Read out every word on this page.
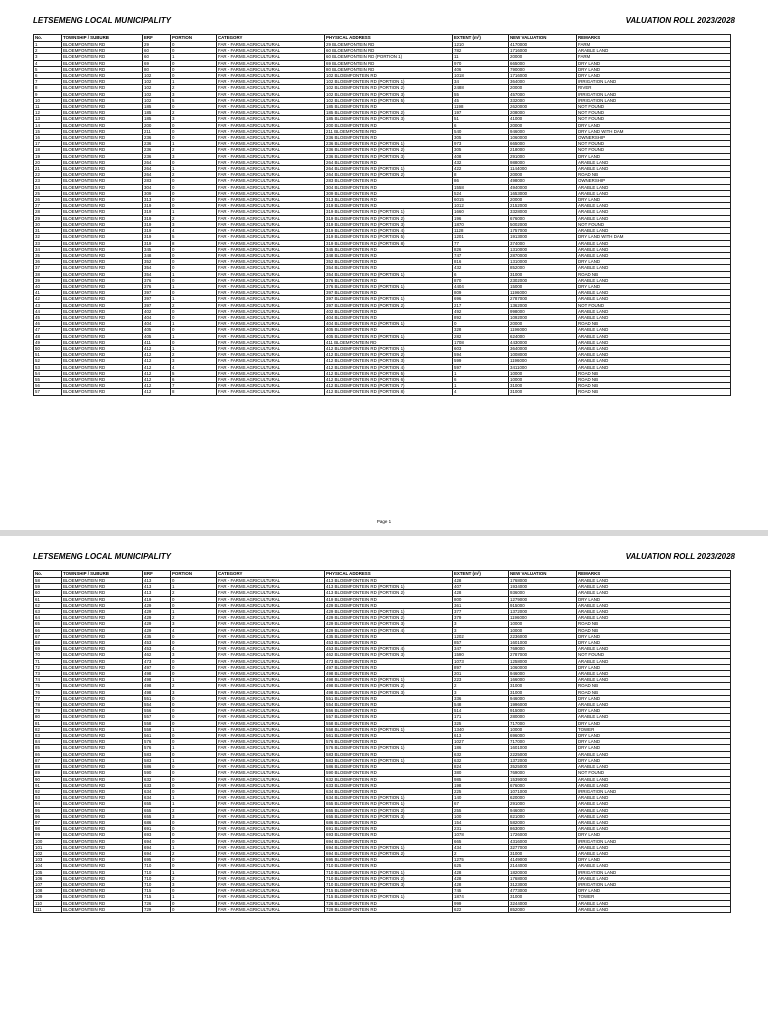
LETSEMENG LOCAL MUNICIPALITY	VALUATION ROLL 2023/2028
No.	TOWNSHIP / SUBURB	ERF	PORTION	CATEGORY	PHYSICAL ADDRESS	EXTENT (m²)	NEW VALUATION	REMARKS
1	BLOEMFONTEIN RD	29	0	FAR - FARMS AGRICULTURAL	29 BLOEMFONTEIN RD	1210	4170000	FARM
2	BLOEMFONTEIN RD	60	0	FAR - FARMS AGRICULTURAL	60 BLOEMFONTEIN RD	782	1716000	ARABLE LAND
3	BLOEMFONTEIN RD	60	1	FAR - FARMS AGRICULTURAL	60 BLOEMFONTEIN RD (PORTION 1)	11	20000	FARM
4	BLOEMFONTEIN RD	69	0	FAR - FARMS AGRICULTURAL	69 BLOEMFONTEIN RD	970	665000	DRY LAND
5	BLOEMFONTEIN RD	80	0	FAR - FARMS AGRICULTURAL	80 BLOEMFONTEIN RD	406	790000	DRY LAND
6	BLOEMFONTEIN RD	102	0	FAR - FARMS AGRICULTURAL	102 BLOEMFONTEIN RD	1018	1716000	DRY LAND
7	BLOEMFONTEIN RD	102	1	FAR - FARMS AGRICULTURAL	102 BLOEMFONTEIN RD (PORTION 1)	34	364000	IRRIGATION LAND
8	BLOEMFONTEIN RD	102	2	FAR - FARMS AGRICULTURAL	102 BLOEMFONTEIN RD (PORTION 2)	2488	20000	RIVER
9	BLOEMFONTEIN RD	102	3	FAR - FARMS AGRICULTURAL	102 BLOEMFONTEIN RD (PORTION 3)	55	457000	IRRIGATION LAND
10	BLOEMFONTEIN RD	102	5	FAR - FARMS AGRICULTURAL	102 BLOEMFONTEIN RD (PORTION 5)	45	332000	IRRIGATION LAND
11	BLOEMFONTEIN RD	185	0	FAR - FARMS AGRICULTURAL	185 BLOEMFONTEIN RD	1198	2620000	NOT FOUND
12	BLOEMFONTEIN RD	185	2	FAR - FARMS AGRICULTURAL	185 BLOEMFONTEIN RD (PORTION 2)	197	208000	NOT FOUND
13	BLOEMFONTEIN RD	185	3	FAR - FARMS AGRICULTURAL	185 BLOEMFONTEIN RD (PORTION 3)	51	41000	NOT FOUND
14	BLOEMFONTEIN RD	200	0	FAR - FARMS AGRICULTURAL	200 BLOEMFONTEIN RD	6	20000	DRY LAND
15	BLOEMFONTEIN RD	211	0	FAR - FARMS AGRICULTURAL	211 BLOEMFONTEIN RD	540	946000	DRY LAND WITH DAM
16	BLOEMFONTEIN RD	236	0	FAR - FARMS AGRICULTURAL	236 BLOEMFONTEIN RD	305	1060000	OWNERSHIP
17	BLOEMFONTEIN RD	236	1	FAR - FARMS AGRICULTURAL	236 BLOEMFONTEIN RD (PORTION 1)	973	665000	NOT FOUND
18	BLOEMFONTEIN RD	236	2	FAR - FARMS AGRICULTURAL	236 BLOEMFONTEIN RD (PORTION 2)	305	218000	NOT FOUND
19	BLOEMFONTEIN RD	236	3	FAR - FARMS AGRICULTURAL	236 BLOEMFONTEIN RD (PORTION 3)	408	291000	DRY LAND
20	BLOEMFONTEIN RD	264	0	FAR - FARMS AGRICULTURAL	264 BLOEMFONTEIN RD	432	988000	ARABLE LAND
21	BLOEMFONTEIN RD	264	1	FAR - FARMS AGRICULTURAL	264 BLOEMFONTEIN RD (PORTION 1)	422	1144000	ARABLE LAND
22	BLOEMFONTEIN RD	264	2	FAR - FARMS AGRICULTURAL	264 BLOEMFONTEIN RD (PORTION 2)	8	20000	ROAD NB
23	BLOEMFONTEIN RD	283	0	FAR - FARMS AGRICULTURAL	283 BLOEMFONTEIN RD	86	498000	OWNERSHIP
24	BLOEMFONTEIN RD	304	0	FAR - FARMS AGRICULTURAL	304 BLOEMFONTEIN RD	1558	4940000	ARABLE LAND
25	BLOEMFONTEIN RD	309	0	FAR - FARMS AGRICULTURAL	309 BLOEMFONTEIN RD	524	1653000	ARABLE LAND
26	BLOEMFONTEIN RD	313	0	FAR - FARMS AGRICULTURAL	313 BLOEMFONTEIN RD	6015	20000	DRY LAND
27	BLOEMFONTEIN RD	319	0	FAR - FARMS AGRICULTURAL	319 BLOEMFONTEIN RD	1012	2152000	ARABLE LAND
28	BLOEMFONTEIN RD	319	1	FAR - FARMS AGRICULTURAL	319 BLOEMFONTEIN RD (PORTION 1)	1660	3328000	ARABLE LAND
29	BLOEMFONTEIN RD	319	2	FAR - FARMS AGRICULTURAL	319 BLOEMFONTEIN RD (PORTION 2)	196	676000	ARABLE LAND
30	BLOEMFONTEIN RD	319	3	FAR - FARMS AGRICULTURAL	319 BLOEMFONTEIN RD (PORTION 3)	1870	5002000	NOT FOUND
31	BLOEMFONTEIN RD	319	4	FAR - FARMS AGRICULTURAL	319 BLOEMFONTEIN RD (PORTION 4)	1128	1757000	ARABLE LAND
32	BLOEMFONTEIN RD	319	5	FAR - FARMS AGRICULTURAL	319 BLOEMFONTEIN RD (PORTION 5)	1201	1913000	DRY LAND WITH DAM
33	BLOEMFONTEIN RD	319	8	FAR - FARMS AGRICULTURAL	319 BLOEMFONTEIN RD (PORTION 8)	77	374000	ARABLE LAND
34	BLOEMFONTEIN RD	345	0	FAR - FARMS AGRICULTURAL	345 BLOEMFONTEIN RD	826	1310000	ARABLE LAND
35	BLOEMFONTEIN RD	348	0	FAR - FARMS AGRICULTURAL	348 BLOEMFONTEIN RD	747	2870000	ARABLE LAND
36	BLOEMFONTEIN RD	352	0	FAR - FARMS AGRICULTURAL	352 BLOEMFONTEIN RD	816	1310000	DRY LAND
37	BLOEMFONTEIN RD	354	0	FAR - FARMS AGRICULTURAL	354 BLOEMFONTEIN RD	432	852000	ARABLE LAND
38	BLOEMFONTEIN RD	354	1	FAR - FARMS AGRICULTURAL	354 BLOEMFONTEIN RD (PORTION 1)	6	31000	ROAD NB
39	BLOEMFONTEIN RD	376	0	FAR - FARMS AGRICULTURAL	376 BLOEMFONTEIN RD	870	2302000	ARABLE LAND
40	BLOEMFONTEIN RD	376	1	FAR - FARMS AGRICULTURAL	376 BLOEMFONTEIN RD (PORTION 1)	4404	15000	DRY LAND
41	BLOEMFONTEIN RD	397	0	FAR - FARMS AGRICULTURAL	397 BLOEMFONTEIN RD	809	1196000	ARABLE LAND
42	BLOEMFONTEIN RD	397	1	FAR - FARMS AGRICULTURAL	397 BLOEMFONTEIN RD (PORTION 1)	696	2787000	ARABLE LAND
43	BLOEMFONTEIN RD	397	2	FAR - FARMS AGRICULTURAL	397 BLOEMFONTEIN RD (PORTION 2)	217	1362000	NOT FOUND
44	BLOEMFONTEIN RD	402	0	FAR - FARMS AGRICULTURAL	402 BLOEMFONTEIN RD	492	998000	ARABLE LAND
45	BLOEMFONTEIN RD	404	0	FAR - FARMS AGRICULTURAL	404 BLOEMFONTEIN RD	892	1092000	ARABLE LAND
46	BLOEMFONTEIN RD	404	1	FAR - FARMS AGRICULTURAL	404 BLOEMFONTEIN RD (PORTION 1)	0	20000	ROAD NB
47	BLOEMFONTEIN RD	405	0	FAR - FARMS AGRICULTURAL	405 BLOEMFONTEIN RD	328	1196000	ARABLE LAND
48	BLOEMFONTEIN RD	405	1	FAR - FARMS AGRICULTURAL	405 BLOEMFONTEIN RD (PORTION 1)	282	624000	ARABLE LAND
49	BLOEMFONTEIN RD	411	0	FAR - FARMS AGRICULTURAL	411 BLOEMFONTEIN RD	1708	4430000	ARABLE LAND
50	BLOEMFONTEIN RD	412	1	FAR - FARMS AGRICULTURAL	412 BLOEMFONTEIN RD (PORTION 1)	603	3640000	ARABLE LAND
51	BLOEMFONTEIN RD	412	2	FAR - FARMS AGRICULTURAL	412 BLOEMFONTEIN RD (PORTION 2)	594	1008000	ARABLE LAND
52	BLOEMFONTEIN RD	412	3	FAR - FARMS AGRICULTURAL	412 BLOEMFONTEIN RD (PORTION 3)	599	1196000	ARABLE LAND
53	BLOEMFONTEIN RD	412	4	FAR - FARMS AGRICULTURAL	412 BLOEMFONTEIN RD (PORTION 4)	597	3411000	ARABLE LAND
54	BLOEMFONTEIN RD	412	5	FAR - FARMS AGRICULTURAL	412 BLOEMFONTEIN RD (PORTION 5)	1	10000	ROAD NB
55	BLOEMFONTEIN RD	412	6	FAR - FARMS AGRICULTURAL	412 BLOEMFONTEIN RD (PORTION 6)	6	10000	ROAD NB
56	BLOEMFONTEIN RD	412	7	FAR - FARMS AGRICULTURAL	412 BLOEMFONTEIN RD (PORTION 7)	1	31000	ROAD NB
57	BLOEMFONTEIN RD	412	8	FAR - FARMS AGRICULTURAL	412 BLOEMFONTEIN RD (PORTION 8)	4	31000	ROAD NB
Page 1
LETSEMENG LOCAL MUNICIPALITY	VALUATION ROLL 2023/2028
No.	TOWNSHIP / SUBURB	ERF	PORTION	CATEGORY	PHYSICAL ADDRESS	EXTENT (m²)	NEW VALUATION	REMARKS
58	BLOEMFONTEIN RD	413	0	FAR - FARMS AGRICULTURAL	413 BLOEMFONTEIN RD	428	1768000	ARABLE LAND
59	BLOEMFONTEIN RD	413	1	FAR - FARMS AGRICULTURAL	413 BLOEMFONTEIN RD (PORTION 1)	407	1934000	ARABLE LAND
60	BLOEMFONTEIN RD	413	2	FAR - FARMS AGRICULTURAL	413 BLOEMFONTEIN RD (PORTION 2)	428	936000	ARABLE LAND
61	BLOEMFONTEIN RD	419	0	FAR - FARMS AGRICULTURAL	419 BLOEMFONTEIN RD	800	1279000	DRY LAND
62	BLOEMFONTEIN RD	429	0	FAR - FARMS AGRICULTURAL	429 BLOEMFONTEIN RD	361	915000	ARABLE LAND
63	BLOEMFONTEIN RD	429	1	FAR - FARMS AGRICULTURAL	429 BLOEMFONTEIN RD (PORTION 1)	377	1372000	ARABLE LAND
64	BLOEMFONTEIN RD	429	2	FAR - FARMS AGRICULTURAL	429 BLOEMFONTEIN RD (PORTION 2)	379	1196000	ARABLE LAND
65	BLOEMFONTEIN RD	429	3	FAR - FARMS AGRICULTURAL	429 BLOEMFONTEIN RD (PORTION 3)	3	10000	ROAD NB
66	BLOEMFONTEIN RD	429	4	FAR - FARMS AGRICULTURAL	429 BLOEMFONTEIN RD (PORTION 4)	3	10000	ROAD NB
67	BLOEMFONTEIN RD	435	0	FAR - FARMS AGRICULTURAL	435 BLOEMFONTEIN RD	1202	2236000	DRY LAND
68	BLOEMFONTEIN RD	453	0	FAR - FARMS AGRICULTURAL	453 BLOEMFONTEIN RD	857	1601000	DRY LAND
69	BLOEMFONTEIN RD	453	4	FAR - FARMS AGRICULTURAL	453 BLOEMFONTEIN RD (PORTION 4)	347	769000	ARABLE LAND
70	BLOEMFONTEIN RD	462	3	FAR - FARMS AGRICULTURAL	462 BLOEMFONTEIN RD (PORTION 3)	1590	2787000	NOT FOUND
71	BLOEMFONTEIN RD	473	0	FAR - FARMS AGRICULTURAL	473 BLOEMFONTEIN RD	1073	1258000	ARABLE LAND
72	BLOEMFONTEIN RD	497	0	FAR - FARMS AGRICULTURAL	497 BLOEMFONTEIN RD	897	1060000	DRY LAND
73	BLOEMFONTEIN RD	498	0	FAR - FARMS AGRICULTURAL	498 BLOEMFONTEIN RD	201	946000	ARABLE LAND
74	BLOEMFONTEIN RD	498	1	FAR - FARMS AGRICULTURAL	498 BLOEMFONTEIN RD (PORTION 1)	223	166000	ARABLE LAND
75	BLOEMFONTEIN RD	498	2	FAR - FARMS AGRICULTURAL	498 BLOEMFONTEIN RD (PORTION 2)	2	31000	ROAD NB
76	BLOEMFONTEIN RD	498	3	FAR - FARMS AGRICULTURAL	498 BLOEMFONTEIN RD (PORTION 3)	3	31000	ROAD NB
77	BLOEMFONTEIN RD	551	0	FAR - FARMS AGRICULTURAL	551 BLOEMFONTEIN RD	336	946000	DRY LAND
78	BLOEMFONTEIN RD	554	0	FAR - FARMS AGRICULTURAL	554 BLOEMFONTEIN RD	548	1996000	ARABLE LAND
79	BLOEMFONTEIN RD	556	0	FAR - FARMS AGRICULTURAL	556 BLOEMFONTEIN RD	514	915000	DRY LAND
80	BLOEMFONTEIN RD	557	0	FAR - FARMS AGRICULTURAL	557 BLOEMFONTEIN RD	171	280000	ARABLE LAND
81	BLOEMFONTEIN RD	558	0	FAR - FARMS AGRICULTURAL	558 BLOEMFONTEIN RD	325	717000	DRY LAND
82	BLOEMFONTEIN RD	558	1	FAR - FARMS AGRICULTURAL	558 BLOEMFONTEIN RD (PORTION 1)	1340	10000	TOWER
83	BLOEMFONTEIN RD	561	0	FAR - FARMS AGRICULTURAL	561 BLOEMFONTEIN RD	613	696000	DRY LAND
84	BLOEMFONTEIN RD	576	0	FAR - FARMS AGRICULTURAL	576 BLOEMFONTEIN RD	1027	717000	DRY LAND
85	BLOEMFONTEIN RD	576	1	FAR - FARMS AGRICULTURAL	576 BLOEMFONTEIN RD (PORTION 1)	186	1601000	DRY LAND
86	BLOEMFONTEIN RD	583	0	FAR - FARMS AGRICULTURAL	583 BLOEMFONTEIN RD	632	2225000	ARABLE LAND
87	BLOEMFONTEIN RD	583	1	FAR - FARMS AGRICULTURAL	583 BLOEMFONTEIN RD (PORTION 1)	632	1372000	DRY LAND
88	BLOEMFONTEIN RD	586	0	FAR - FARMS AGRICULTURAL	586 BLOEMFONTEIN RD	824	3525000	ARABLE LAND
89	BLOEMFONTEIN RD	590	0	FAR - FARMS AGRICULTURAL	590 BLOEMFONTEIN RD	380	769000	NOT FOUND
90	BLOEMFONTEIN RD	632	0	FAR - FARMS AGRICULTURAL	632 BLOEMFONTEIN RD	985	1539000	ARABLE LAND
91	BLOEMFONTEIN RD	633	0	FAR - FARMS AGRICULTURAL	633 BLOEMFONTEIN RD	198	676000	ARABLE LAND
92	BLOEMFONTEIN RD	634	0	FAR - FARMS AGRICULTURAL	634 BLOEMFONTEIN RD	225	1071000	IRRIGATION LAND
93	BLOEMFONTEIN RD	634	1	FAR - FARMS AGRICULTURAL	634 BLOEMFONTEIN RD (PORTION 1)	140	620000	ARABLE LAND
94	BLOEMFONTEIN RD	655	1	FAR - FARMS AGRICULTURAL	655 BLOEMFONTEIN RD (PORTION 1)	67	291000	ARABLE LAND
95	BLOEMFONTEIN RD	655	2	FAR - FARMS AGRICULTURAL	655 BLOEMFONTEIN RD (PORTION 2)	255	946000	ARABLE LAND
96	BLOEMFONTEIN RD	655	3	FAR - FARMS AGRICULTURAL	655 BLOEMFONTEIN RD (PORTION 3)	100	821000	ARABLE LAND
97	BLOEMFONTEIN RD	686	0	FAR - FARMS AGRICULTURAL	686 BLOEMFONTEIN RD	154	582000	ARABLE LAND
98	BLOEMFONTEIN RD	691	0	FAR - FARMS AGRICULTURAL	691 BLOEMFONTEIN RD	231	863000	ARABLE LAND
99	BLOEMFONTEIN RD	693	0	FAR - FARMS AGRICULTURAL	693 BLOEMFONTEIN RD	1078	1726000	DRY LAND
100	BLOEMFONTEIN RD	694	0	FAR - FARMS AGRICULTURAL	694 BLOEMFONTEIN RD	665	4316000	IRRIGATION LAND
101	BLOEMFONTEIN RD	694	1	FAR - FARMS AGRICULTURAL	694 BLOEMFONTEIN RD (PORTION 1)	434	3277000	ARABLE LAND
102	BLOEMFONTEIN RD	694	2	FAR - FARMS AGRICULTURAL	694 BLOEMFONTEIN RD (PORTION 2)	2	31000	ARABLE LAND
103	BLOEMFONTEIN RD	695	0	FAR - FARMS AGRICULTURAL	695 BLOEMFONTEIN RD	1275	4149000	DRY LAND
104	BLOEMFONTEIN RD	710	0	FAR - FARMS AGRICULTURAL	710 BLOEMFONTEIN RD	625	2144000	ARABLE LAND
105	BLOEMFONTEIN RD	710	1	FAR - FARMS AGRICULTURAL	710 BLOEMFONTEIN RD (PORTION 1)	428	1820000	IRRIGATION LAND
106	BLOEMFONTEIN RD	710	2	FAR - FARMS AGRICULTURAL	710 BLOEMFONTEIN RD (PORTION 2)	428	1768000	ARABLE LAND
107	BLOEMFONTEIN RD	710	3	FAR - FARMS AGRICULTURAL	710 BLOEMFONTEIN RD (PORTION 3)	428	3123000	IRRIGATION LAND
108	BLOEMFONTEIN RD	715	0	FAR - FARMS AGRICULTURAL	715 BLOEMFONTEIN RD	745	4773000	DRY LAND
109	BLOEMFONTEIN RD	715	1	FAR - FARMS AGRICULTURAL	715 BLOEMFONTEIN RD (PORTION 1)	1874	31000	TOWER
110	BLOEMFONTEIN RD	726	0	FAR - FARMS AGRICULTURAL	726 BLOEMFONTEIN RD	999	3244000	ARABLE LAND
111	BLOEMFONTEIN RD	729	0	FAR - FARMS AGRICULTURAL	729 BLOEMFONTEIN RD	622	852000	ARABLE LAND
